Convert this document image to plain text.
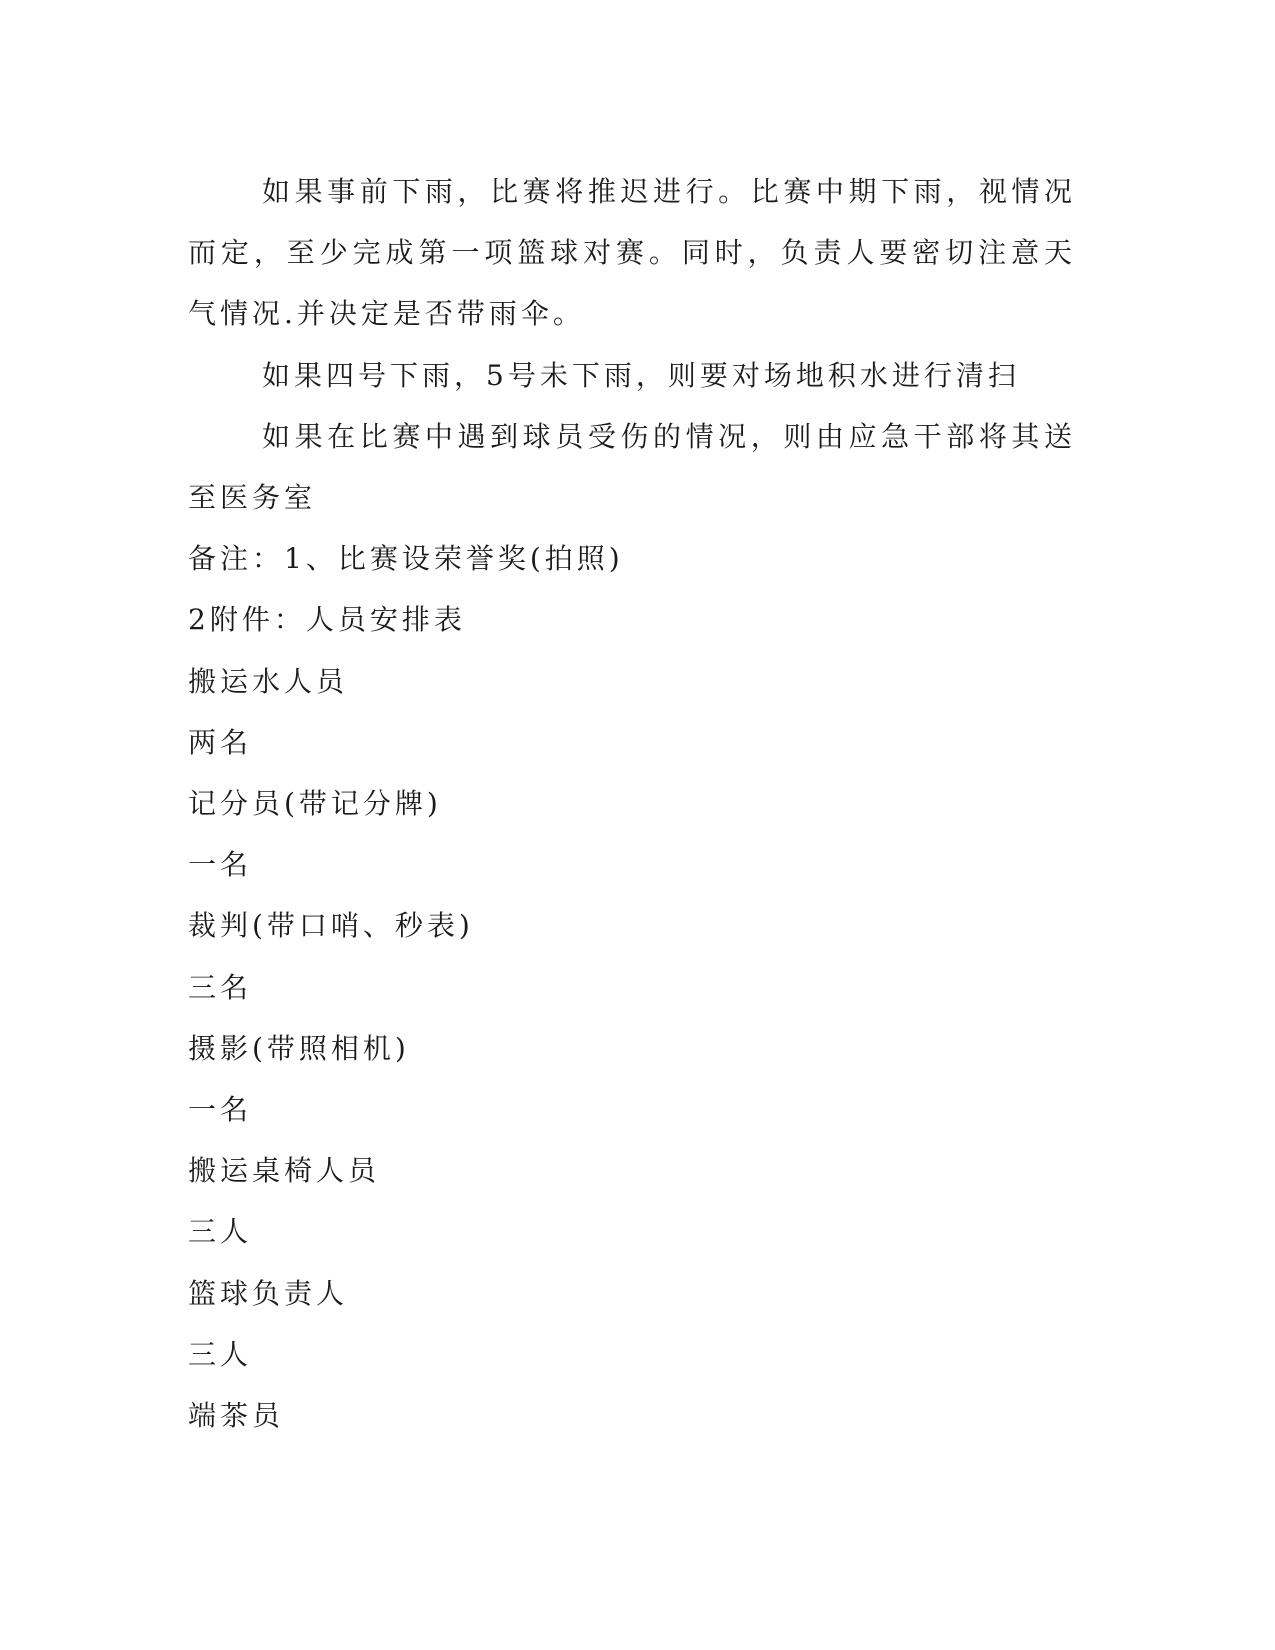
如果事前下雨，比赛将推迟进行。比赛中期下雨，视情况而定，至少完成第一项篮球对赛。同时，负责人要密切注意天气情况.并决定是否带雨伞。

如果四号下雨，5号未下雨，则要对场地积水进行清扫

如果在比赛中遇到球员受伤的情况，则由应急干部将其送至医务室

备注：1、比赛设荣誉奖(拍照)

2附件：人员安排表

搬运水人员

两名

记分员(带记分牌)

一名

裁判(带口哨、秒表)

三名

摄影(带照相机)

一名

搬运桌椅人员

三人

篮球负责人

三人

端茶员
